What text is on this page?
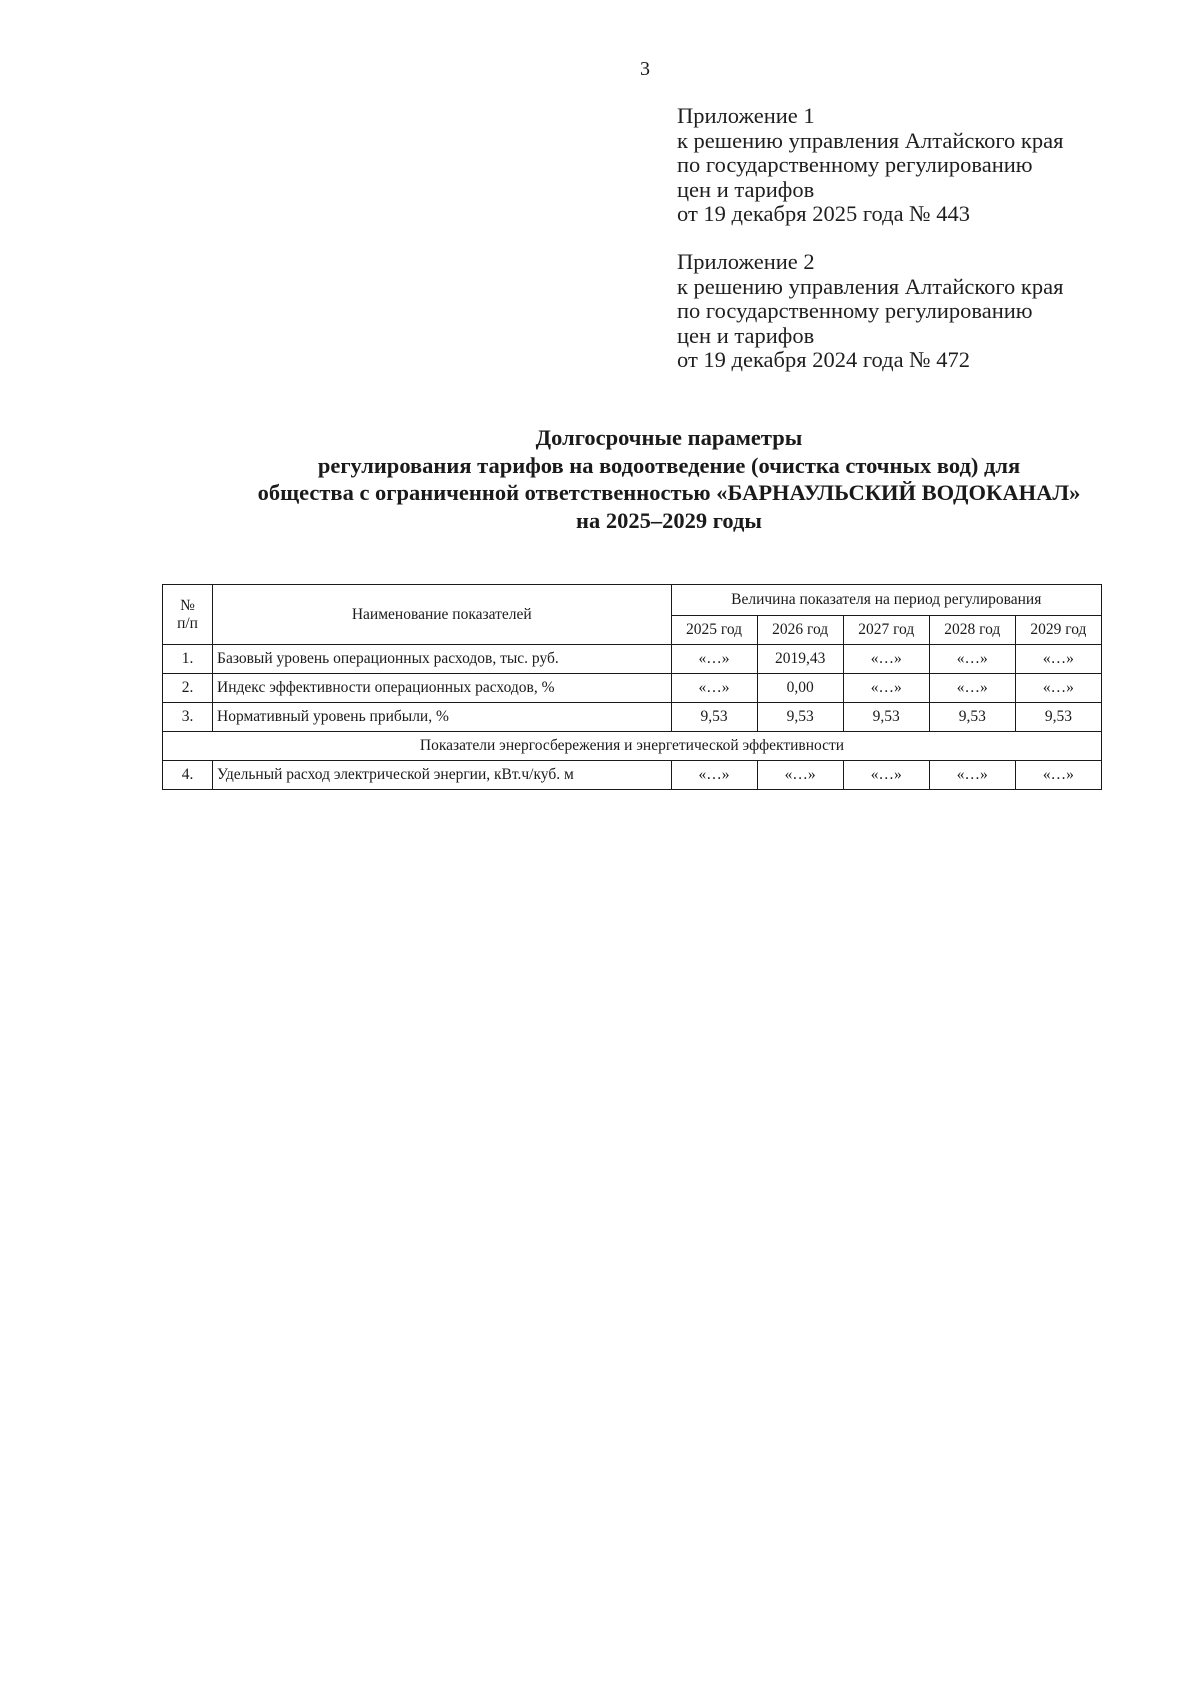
3
Приложение 1
к решению управления Алтайского края
по государственному регулированию
цен и тарифов
от 19 декабря 2025 года № 443
Приложение 2
к решению управления Алтайского края
по государственному регулированию
цен и тарифов
от 19 декабря 2024 года № 472
Долгосрочные параметры
регулирования тарифов на водоотведение (очистка сточных вод) для
общества с ограниченной ответственностью «БАРНАУЛЬСКИЙ ВОДОКАНАЛ»
на 2025–2029 годы
№
п/п	Наименование показателей	Величина показателя на период регулирования				
		2025 год	2026 год	2027 год	2028 год	2029 год
1.	Базовый уровень операционных расходов, тыс. руб.	«…»	2019,43	«…»	«…»	«…»
2.	Индекс эффективности операционных расходов, %	«…»	0,00	«…»	«…»	«…»
3.	Нормативный уровень прибыли, %	9,53	9,53	9,53	9,53	9,53
Показатели энергосбережения и энергетической эффективности						
4.	Удельный расход электрической энергии, кВт.ч/куб. м	«…»	«…»	«…»	«…»	«…»
